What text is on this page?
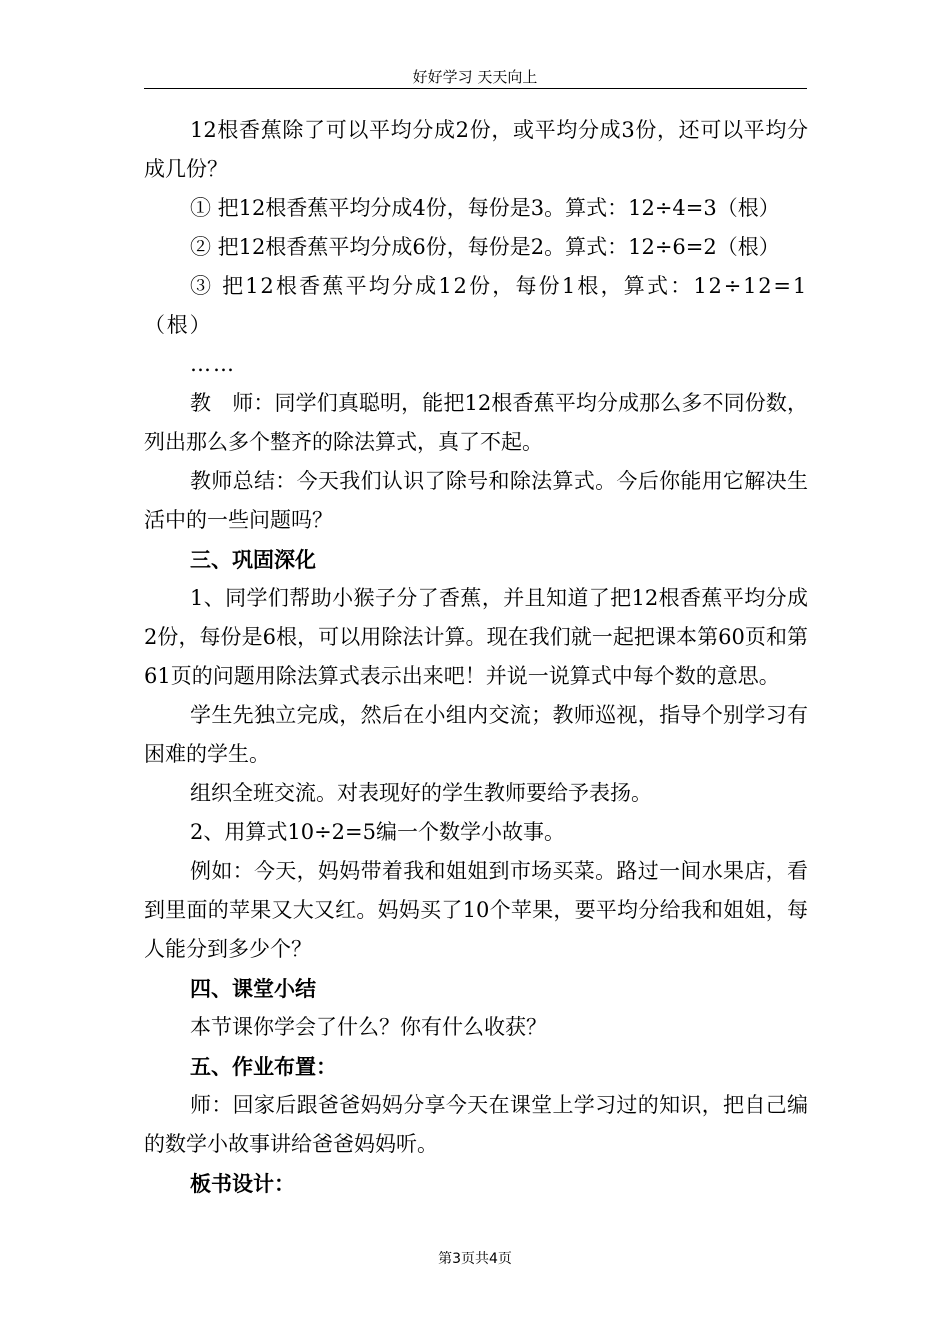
好好学习 天天向上

12根香蕉除了可以平均分成2份，或平均分成3份，还可以平均分成几份？

① 把12根香蕉平均分成4份，每份是3。算式：12÷4=3（根）

② 把12根香蕉平均分成6份，每份是2。算式：12÷6=2（根）

③ 把12根香蕉平均分成12份，每份1根，算式：12÷12=1（根）

……

教　师：同学们真聪明，能把12根香蕉平均分成那么多不同份数，列出那么多个整齐的除法算式，真了不起。

教师总结：今天我们认识了除号和除法算式。今后你能用它解决生活中的一些问题吗？

三、巩固深化

1、同学们帮助小猴子分了香蕉，并且知道了把12根香蕉平均分成2份，每份是6根，可以用除法计算。现在我们就一起把课本第60页和第61页的问题用除法算式表示出来吧！并说一说算式中每个数的意思。

学生先独立完成，然后在小组内交流；教师巡视，指导个别学习有困难的学生。

组织全班交流。对表现好的学生教师要给予表扬。

2、用算式10÷2=5编一个数学小故事。

例如：今天，妈妈带着我和姐姐到市场买菜。路过一间水果店，看到里面的苹果又大又红。妈妈买了10个苹果，要平均分给我和姐姐，每人能分到多少个？

四、课堂小结

本节课你学会了什么？你有什么收获？

五、作业布置：

师：回家后跟爸爸妈妈分享今天在课堂上学习过的知识，把自己编的数学小故事讲给爸爸妈妈听。

板书设计：

第3页共4页
